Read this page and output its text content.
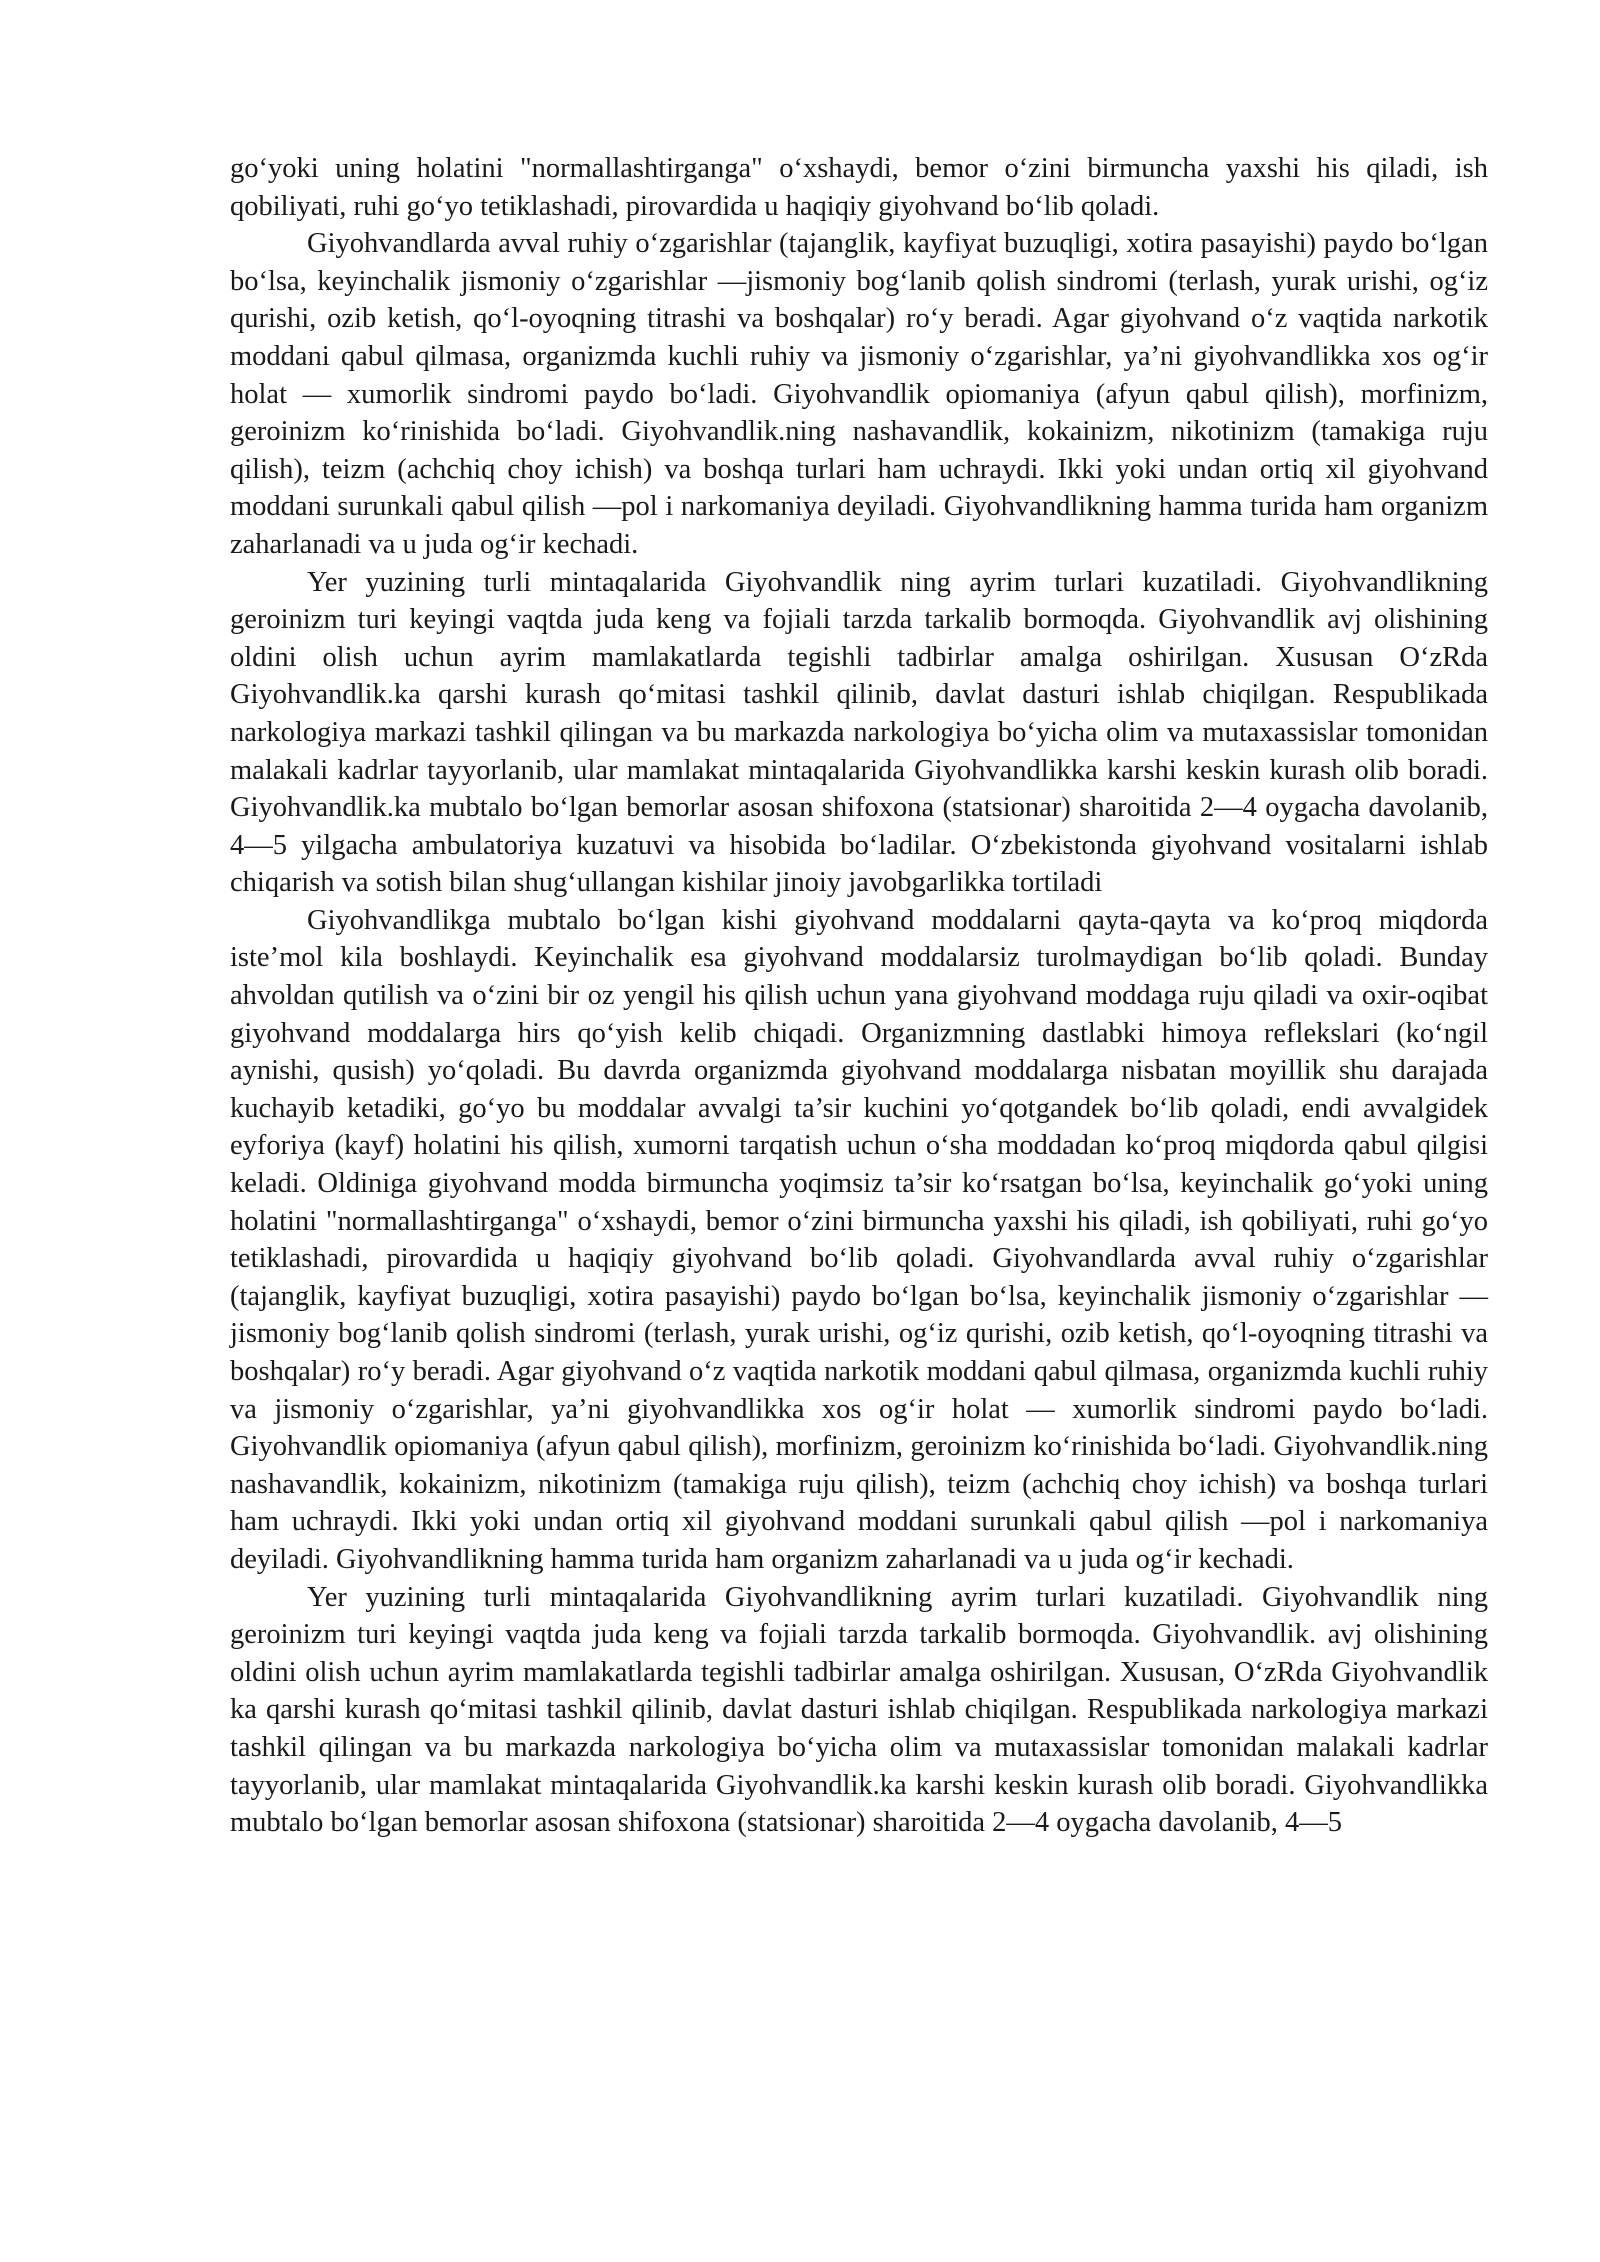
go‘yoki uning holatini "normallashtirganga" o‘xshaydi, bemor o‘zini birmuncha yaxshi his qiladi, ish qobiliyati, ruhi go‘yo tetiklashadi, pirovardida u haqiqiy giyohvand bo‘lib qoladi.

Giyohvandlarda avval ruhiy o‘zgarishlar (tajanglik, kayfiyat buzuqligi, xotira pasayishi) paydo bo‘lgan bo‘lsa, keyinchalik jismoniy o‘zgarishlar —jismoniy bog‘lanib qolish sindromi (terlash, yurak urishi, og‘iz qurishi, ozib ketish, qo‘l-oyoqning titrashi va boshqalar) ro‘y beradi. Agar giyohvand o‘z vaqtida narkotik moddani qabul qilmasa, organizmda kuchli ruhiy va jismoniy o‘zgarishlar, ya’ni giyohvandlikka xos og‘ir holat — xumorlik sindromi paydo bo‘ladi. Giyohvandlik opiomaniya (afyun qabul qilish), morfinizm, geroinizm ko‘rinishida bo‘ladi. Giyohvandlik.ning nashavandlik, kokainizm, nikotinizm (tamakiga ruju qilish), teizm (achchiq choy ichish) va boshqa turlari ham uchraydi. Ikki yoki undan ortiq xil giyohvand moddani surunkali qabul qilish —pol i narkomaniya deyiladi. Giyohvandlikning hamma turida ham organizm zaharlanadi va u juda og‘ir kechadi.

Yer yuzining turli mintaqalarida Giyohvandlik ning ayrim turlari kuzatiladi. Giyohvandlikning geroinizm turi keyingi vaqtda juda keng va fojiali tarzda tarkalib bormoqda. Giyohvandlik avj olishining oldini olish uchun ayrim mamlakatlarda tegishli tadbirlar amalga oshirilgan. Xususan O‘zRda Giyohvandlik.ka qarshi kurash qo‘mitasi tashkil qilinib, davlat dasturi ishlab chiqilgan. Respublikada narkologiya markazi tashkil qilingan va bu markazda narkologiya bo‘yicha olim va mutaxassislar tomonidan malakali kadrlar tayyorlanib, ular mamlakat mintaqalarida Giyohvandlikka karshi keskin kurash olib boradi. Giyohvandlik.ka mubtalo bo‘lgan bemorlar asosan shifoxona (statsionar) sharoitida 2—4 oygacha davolanib, 4—5 yilgacha ambulatoriya kuzatuvi va hisobida bo‘ladilar. O‘zbekistonda giyohvand vositalarni ishlab chiqarish va sotish bilan shug‘ullangan kishilar jinoiy javobgarlikka tortiladi

Giyohvandlikga mubtalo bo‘lgan kishi giyohvand moddalarni qayta-qayta va ko‘proq miqdorda iste’mol kila boshlaydi. Keyinchalik esa giyohvand moddalarsiz turolmaydigan bo‘lib qoladi. Bunday ahvoldan qutilish va o‘zini bir oz yengil his qilish uchun yana giyohvand moddaga ruju qiladi va oxir-oqibat giyohvand moddalarga hirs qo‘yish kelib chiqadi. Organizmning dastlabki himoya reflekslari (ko‘ngil aynishi, qusish) yo‘qoladi. Bu davrda organizmda giyohvand moddalarga nisbatan moyillik shu darajada kuchayib ketadiki, go‘yo bu moddalar avvalgi ta’sir kuchini yo‘qotgandek bo‘lib qoladi, endi avvalgidek eyforiya (kayf) holatini his qilish, xumorni tarqatish uchun o‘sha moddadan ko‘proq miqdorda qabul qilgisi keladi. Oldiniga giyohvand modda birmuncha yoqimsiz ta’sir ko‘rsatgan bo‘lsa, keyinchalik go‘yoki uning holatini "normallashtirganga" o‘xshaydi, bemor o‘zini birmuncha yaxshi his qiladi, ish qobiliyati, ruhi go‘yo tetiklashadi, pirovardida u haqiqiy giyohvand bo‘lib qoladi. Giyohvandlarda avval ruhiy o‘zgarishlar (tajanglik, kayfiyat buzuqligi, xotira pasayishi) paydo bo‘lgan bo‘lsa, keyinchalik jismoniy o‘zgarishlar —jismoniy bog‘lanib qolish sindromi (terlash, yurak urishi, og‘iz qurishi, ozib ketish, qo‘l-oyoqning titrashi va boshqalar) ro‘y beradi. Agar giyohvand o‘z vaqtida narkotik moddani qabul qilmasa, organizmda kuchli ruhiy va jismoniy o‘zgarishlar, ya’ni giyohvandlikka xos og‘ir holat — xumorlik sindromi paydo bo‘ladi. Giyohvandlik opiomaniya (afyun qabul qilish), morfinizm, geroinizm ko‘rinishida bo‘ladi. Giyohvandlik.ning nashavandlik, kokainizm, nikotinizm (tamakiga ruju qilish), teizm (achchiq choy ichish) va boshqa turlari ham uchraydi. Ikki yoki undan ortiq xil giyohvand moddani surunkali qabul qilish —pol i narkomaniya deyiladi. Giyohvandlikning hamma turida ham organizm zaharlanadi va u juda og‘ir kechadi.

Yer yuzining turli mintaqalarida Giyohvandlikning ayrim turlari kuzatiladi. Giyohvandlik ning geroinizm turi keyingi vaqtda juda keng va fojiali tarzda tarkalib bormoqda. Giyohvandlik. avj olishining oldini olish uchun ayrim mamlakatlarda tegishli tadbirlar amalga oshirilgan. Xususan, O‘zRda Giyohvandlik ka qarshi kurash qo‘mitasi tashkil qilinib, davlat dasturi ishlab chiqilgan. Respublikada narkologiya markazi tashkil qilingan va bu markazda narkologiya bo‘yicha olim va mutaxassislar tomonidan malakali kadrlar tayyorlanib, ular mamlakat mintaqalarida Giyohvandlik.ka karshi keskin kurash olib boradi. Giyohvandlikka mubtalo bo‘lgan bemorlar asosan shifoxona (statsionar) sharoitida 2—4 oygacha davolanib, 4—5
